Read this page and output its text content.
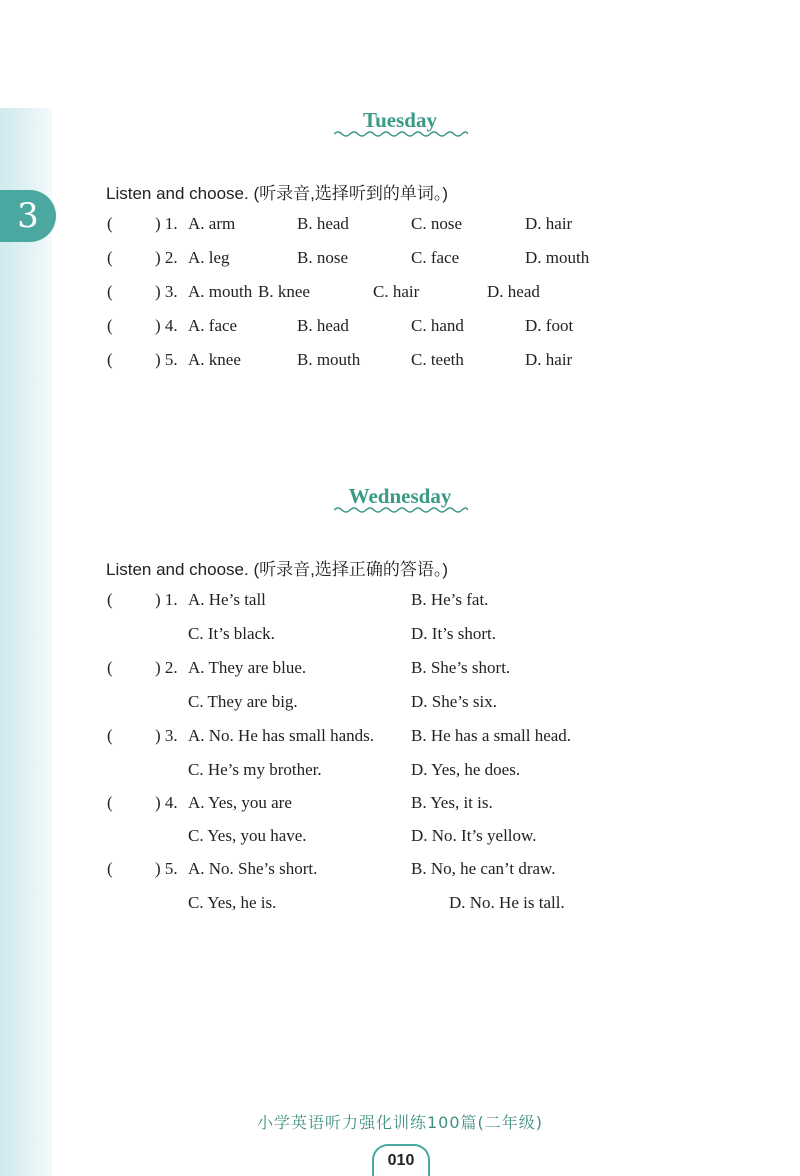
3
Tuesday
Listen and choose. (听录音,选择听到的单词。)
( ) 1. A. arm	B. head	C. nose	D. hair
( ) 2. A. leg	B. nose	C. face	D. mouth
( ) 3. A. mouth B. knee	C. hair	D. head
( ) 4. A. face	B. head	C. hand	D. foot
( ) 5. A. knee	B. mouth	C. teeth	D. hair
Wednesday
Listen and choose. (听录音,选择正确的答语。)
( ) 1. A. He’s tall	B. He’s fat.
C. It’s black.	D. It’s short.
( ) 2. A. They are blue.	B. She’s short.
C. They are big.	D. She’s six.
( ) 3. A. No. He has small hands. B. He has a small head.
C. He’s my brother.	D. Yes, he does.
( ) 4. A. Yes, you are	B. Yes, it is.
C. Yes, you have.	D. No. It’s yellow.
( ) 5. A. No. She’s short.	B. No, he can’t draw.
C. Yes, he is.	D. No. He is tall.
小学英语听力强化训练100篇(二年级)
010
